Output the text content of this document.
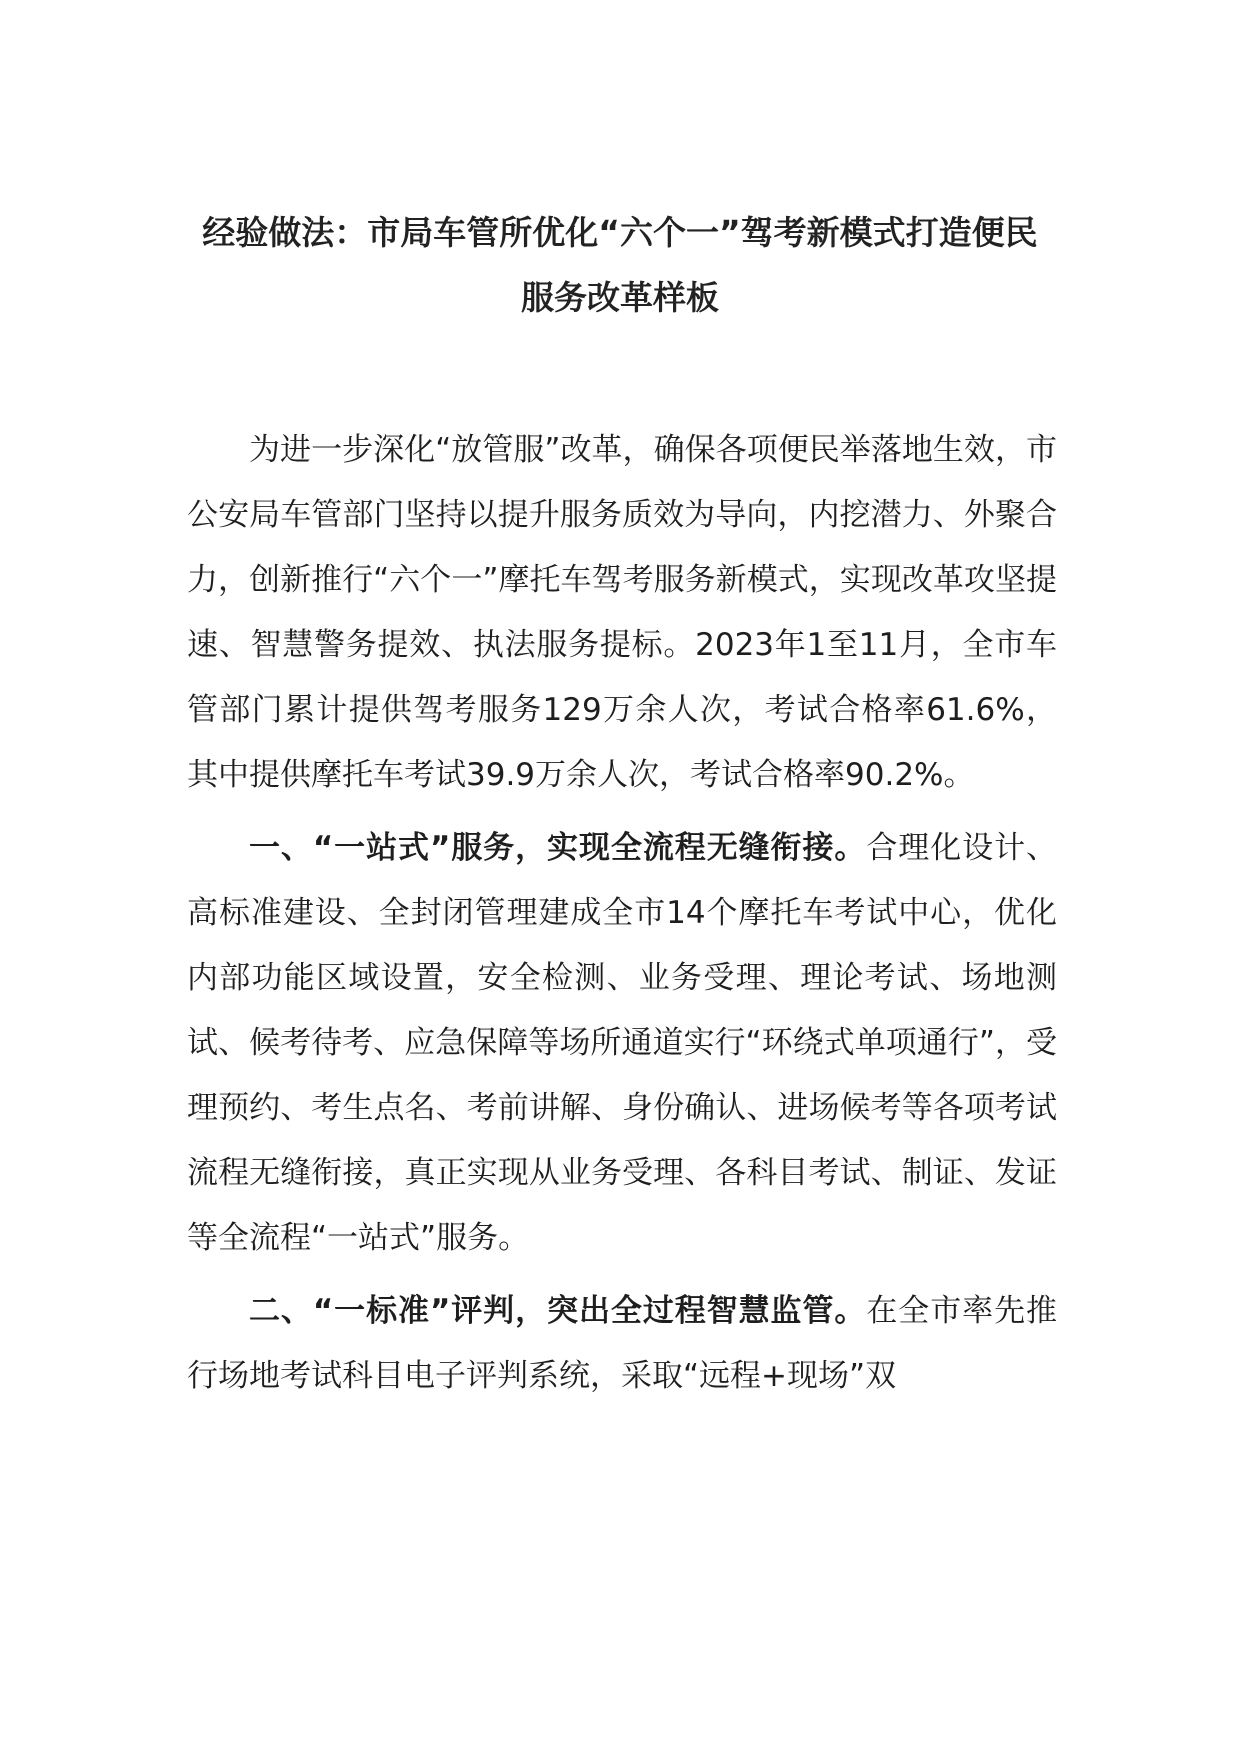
经验做法：市局车管所优化“六个一”驾考新模式打造便民服务改革样板

为进一步深化“放管服”改革，确保各项便民举落地生效，市公安局车管部门坚持以提升服务质效为导向，内挖潜力、外聚合力，创新推行“六个一”摩托车驾考服务新模式，实现改革攻坚提速、智慧警务提效、执法服务提标。2023年1至11月，全市车管部门累计提供驾考服务129万余人次，考试合格率61.6%，其中提供摩托车考试39.9万余人次，考试合格率90.2%。

一、“一站式”服务，实现全流程无缝衔接。合理化设计、高标准建设、全封闭管理建成全市14个摩托车考试中心，优化内部功能区域设置，安全检测、业务受理、理论考试、场地测试、候考待考、应急保障等场所通道实行“环绕式单项通行”，受理预约、考生点名、考前讲解、身份确认、进场候考等各项考试流程无缝衔接，真正实现从业务受理、各科目考试、制证、发证等全流程“一站式”服务。

二、“一标准”评判，突出全过程智慧监管。在全市率先推行场地考试科目电子评判系统，采取“远程+现场”双
